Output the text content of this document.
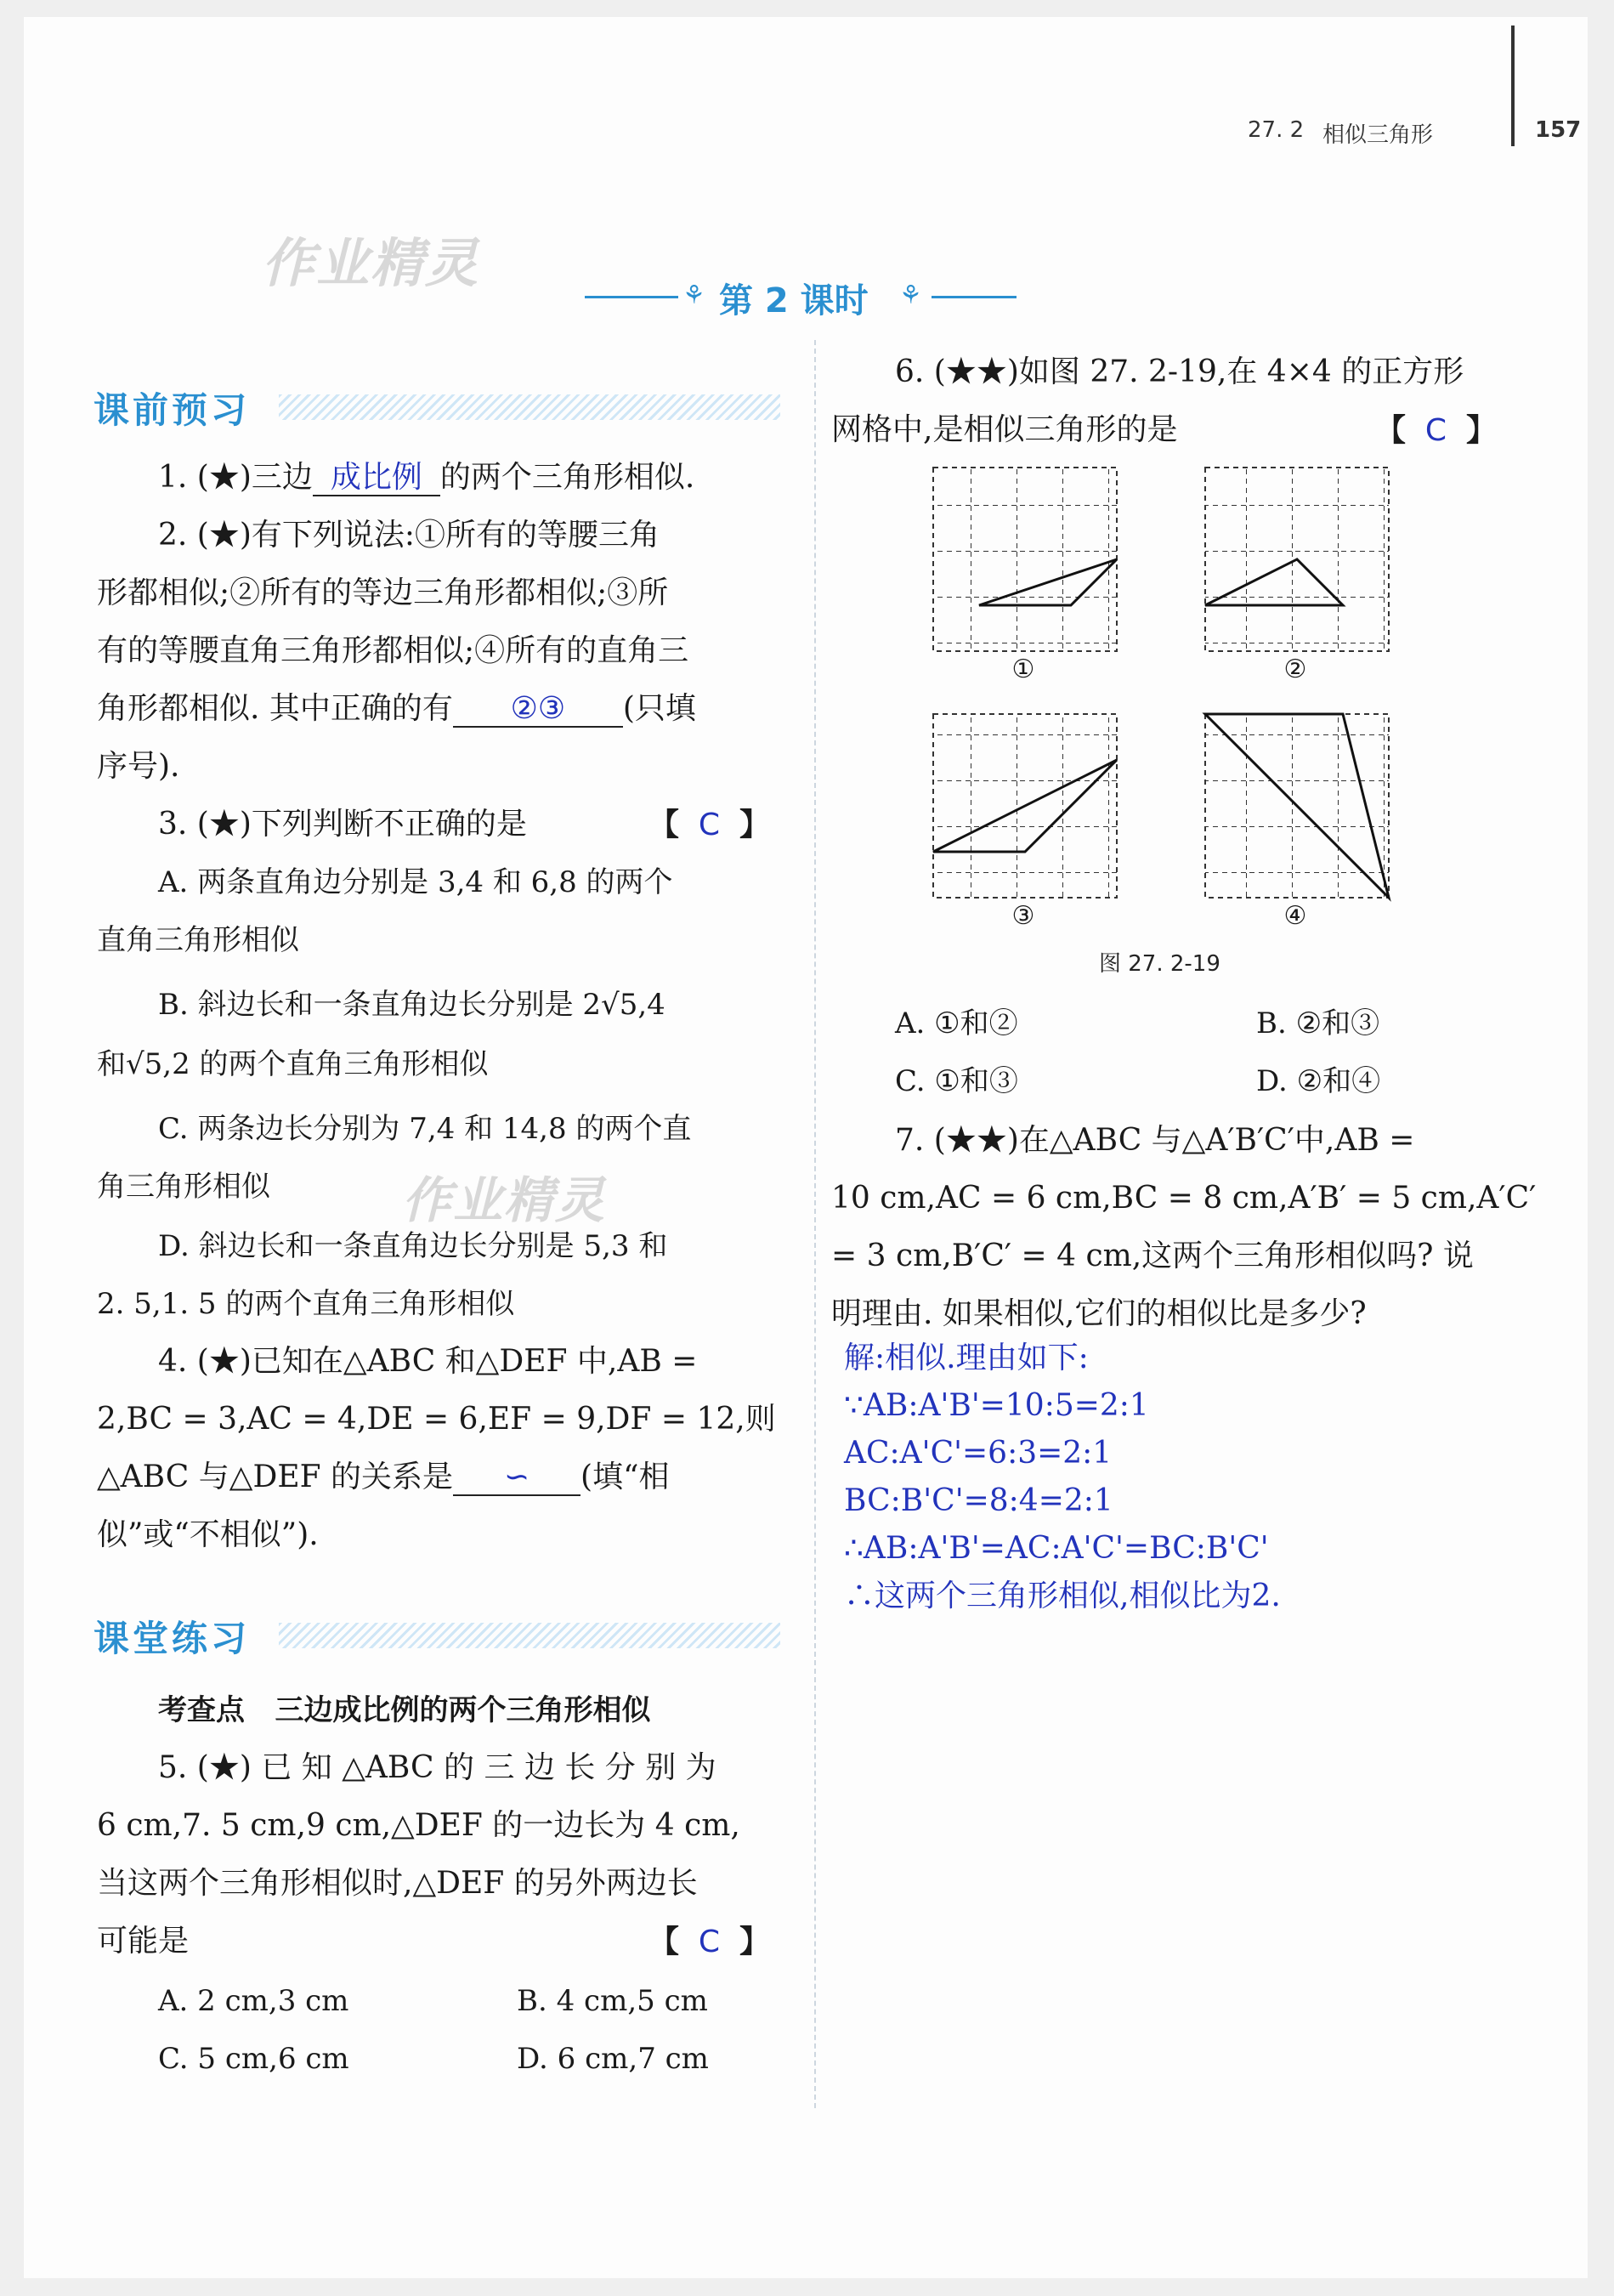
27. 2 相似三角形	157
作业精灵
作业精灵
⚘ 第 2 课时 ⚘
课前预习
1. (★)三边 成比例 的两个三角形相似.
2. (★)有下列说法:①所有的等腰三角
形都相似;②所有的等边三角形都相似;③所
有的等腰直角三角形都相似;④所有的直角三
角形都相似. 其中正确的有 ②③ (只填
序号).
3. (★)下列判断不正确的是	【 C 】
A. 两条直角边分别是 3,4 和 6,8 的两个
直角三角形相似
B. 斜边长和一条直角边长分别是 2√5,4
和√5,2 的两个直角三角形相似
C. 两条边长分别为 7,4 和 14,8 的两个直
角三角形相似
D. 斜边长和一条直角边长分别是 5,3 和
2. 5,1. 5 的两个直角三角形相似
4. (★)已知在△ABC 和△DEF 中,AB =
2,BC = 3,AC = 4,DE = 6,EF = 9,DF = 12,则
△ABC 与△DEF 的关系是 ∽ (填“相
似”或“不相似”).
课堂练习
考查点 三边成比例的两个三角形相似
5. (★) 已 知 △ABC 的 三 边 长 分 别 为
6 cm,7. 5 cm,9 cm,△DEF 的一边长为 4 cm,
当这两个三角形相似时,△DEF 的另外两边长
可能是	【 C 】
A. 2 cm,3 cm	B. 4 cm,5 cm
C. 5 cm,6 cm	D. 6 cm,7 cm
6. (★★)如图 27. 2-19,在 4×4 的正方形
网格中,是相似三角形的是	【 C 】
①	②
③	④
图 27. 2-19
A. ①和②	B. ②和③
C. ①和③	D. ②和④
7. (★★)在△ABC 与△A′B′C′中,AB =
10 cm,AC = 6 cm,BC = 8 cm,A′B′ = 5 cm,A′C′
= 3 cm,B′C′ = 4 cm,这两个三角形相似吗? 说
明理由. 如果相似,它们的相似比是多少?
解:相似.理由如下:
∵AB:A'B'=10:5=2:1
AC:A'C'=6:3=2:1
BC:B'C'=8:4=2:1
∴AB:A'B'=AC:A'C'=BC:B'C'
∴这两个三角形相似,相似比为2.
